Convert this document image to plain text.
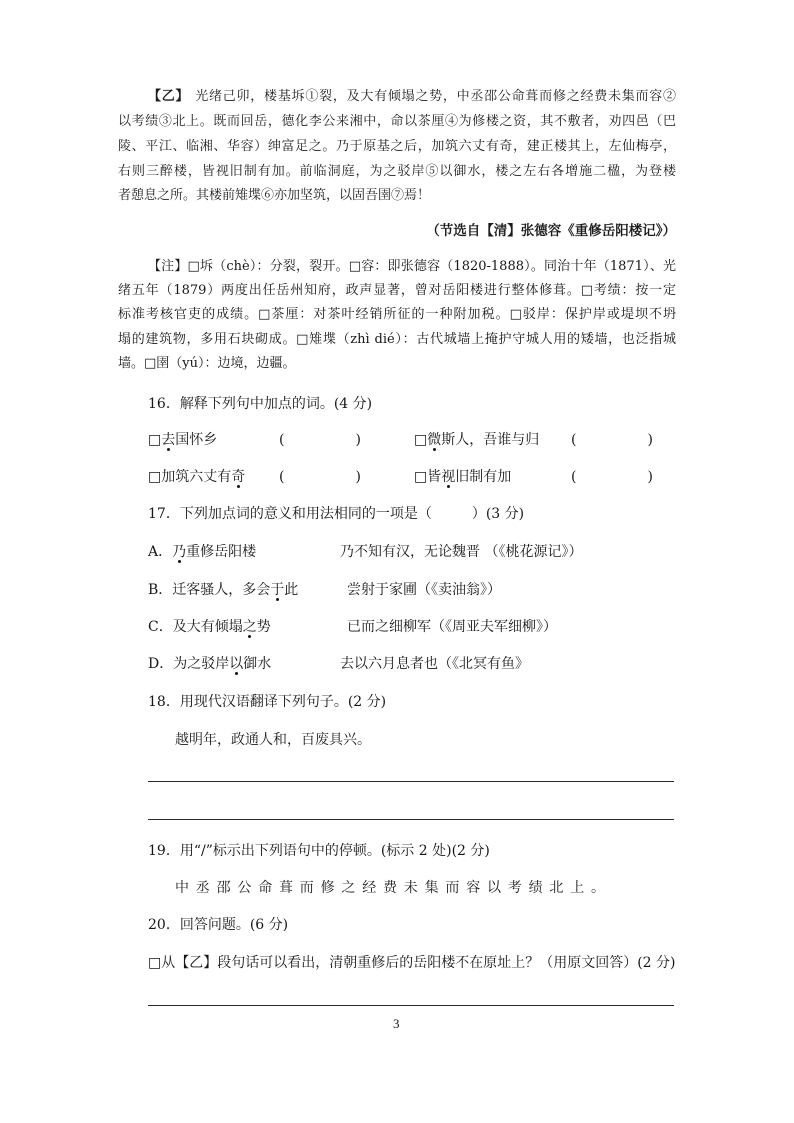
【乙】 光绪己卯，楼基坼①裂，及大有倾塌之势，中丞邵公命葺而修之经费未集而容②
以考绩③北上。既而回岳，德化李公来湘中，命以茶厘④为修楼之资，其不敷者，劝四邑（巴
陵、平江、临湘、华容）绅富足之。乃于原基之后，加筑六丈有奇，建正楼其上，左仙梅亭，
右则三醉楼，皆视旧制有加。前临洞庭，为之驳岸⑤以御水，楼之左右各增施二楹，为登楼
者憩息之所。其楼前雉堞⑥亦加坚筑，以固吾圉⑦焉！
（节选自【清】张德容《重修岳阳楼记》）
【注】□坼（chè）：分裂，裂开。□容：即张德容（1820-1888）。同治十年（1871）、光
绪五年（1879）两度出任岳州知府，政声显著，曾对岳阳楼进行整体修葺。□考绩：按一定
标准考核官吏的成绩。□茶厘：对茶叶经销所征的一种附加税。□驳岸：保护岸或堤坝不坍
塌的建筑物，多用石块砌成。□雉堞（zhì dié）：古代城墙上掩护守城人用的矮墙，也泛指城
墙。□圉（yú）：边境，边疆。
16．解释下列句中加点的词。(4 分)
□去国怀乡	(	)	□微斯人，吾谁与归 (	)
□加筑六丈有奇 (	)	□皆视旧制有加	(	)
17．下列加点词的意义和用法相同的一项是（	）(3 分)
A．乃重修岳阳楼	乃不知有汉，无论魏晋 （《桃花源记》）
B．迁客骚人，多会于此	尝射于家圃（《卖油翁》）
C．及大有倾塌之势	已而之细柳军（《周亚夫军细柳》）
D．为之驳岸以御水	去以六月息者也（《北冥有鱼》
18．用现代汉语翻译下列句子。(2 分)
越明年，政通人和，百废具兴。
19．用“/”标示出下列语句中的停顿。(标示 2 处)(2 分)
中丞邵公命葺而修之经费未集而容以考绩北上。
20．回答问题。(6 分)
□从【乙】段句话可以看出，清朝重修后的岳阳楼不在原址上？（用原文回答）(2 分)
3
